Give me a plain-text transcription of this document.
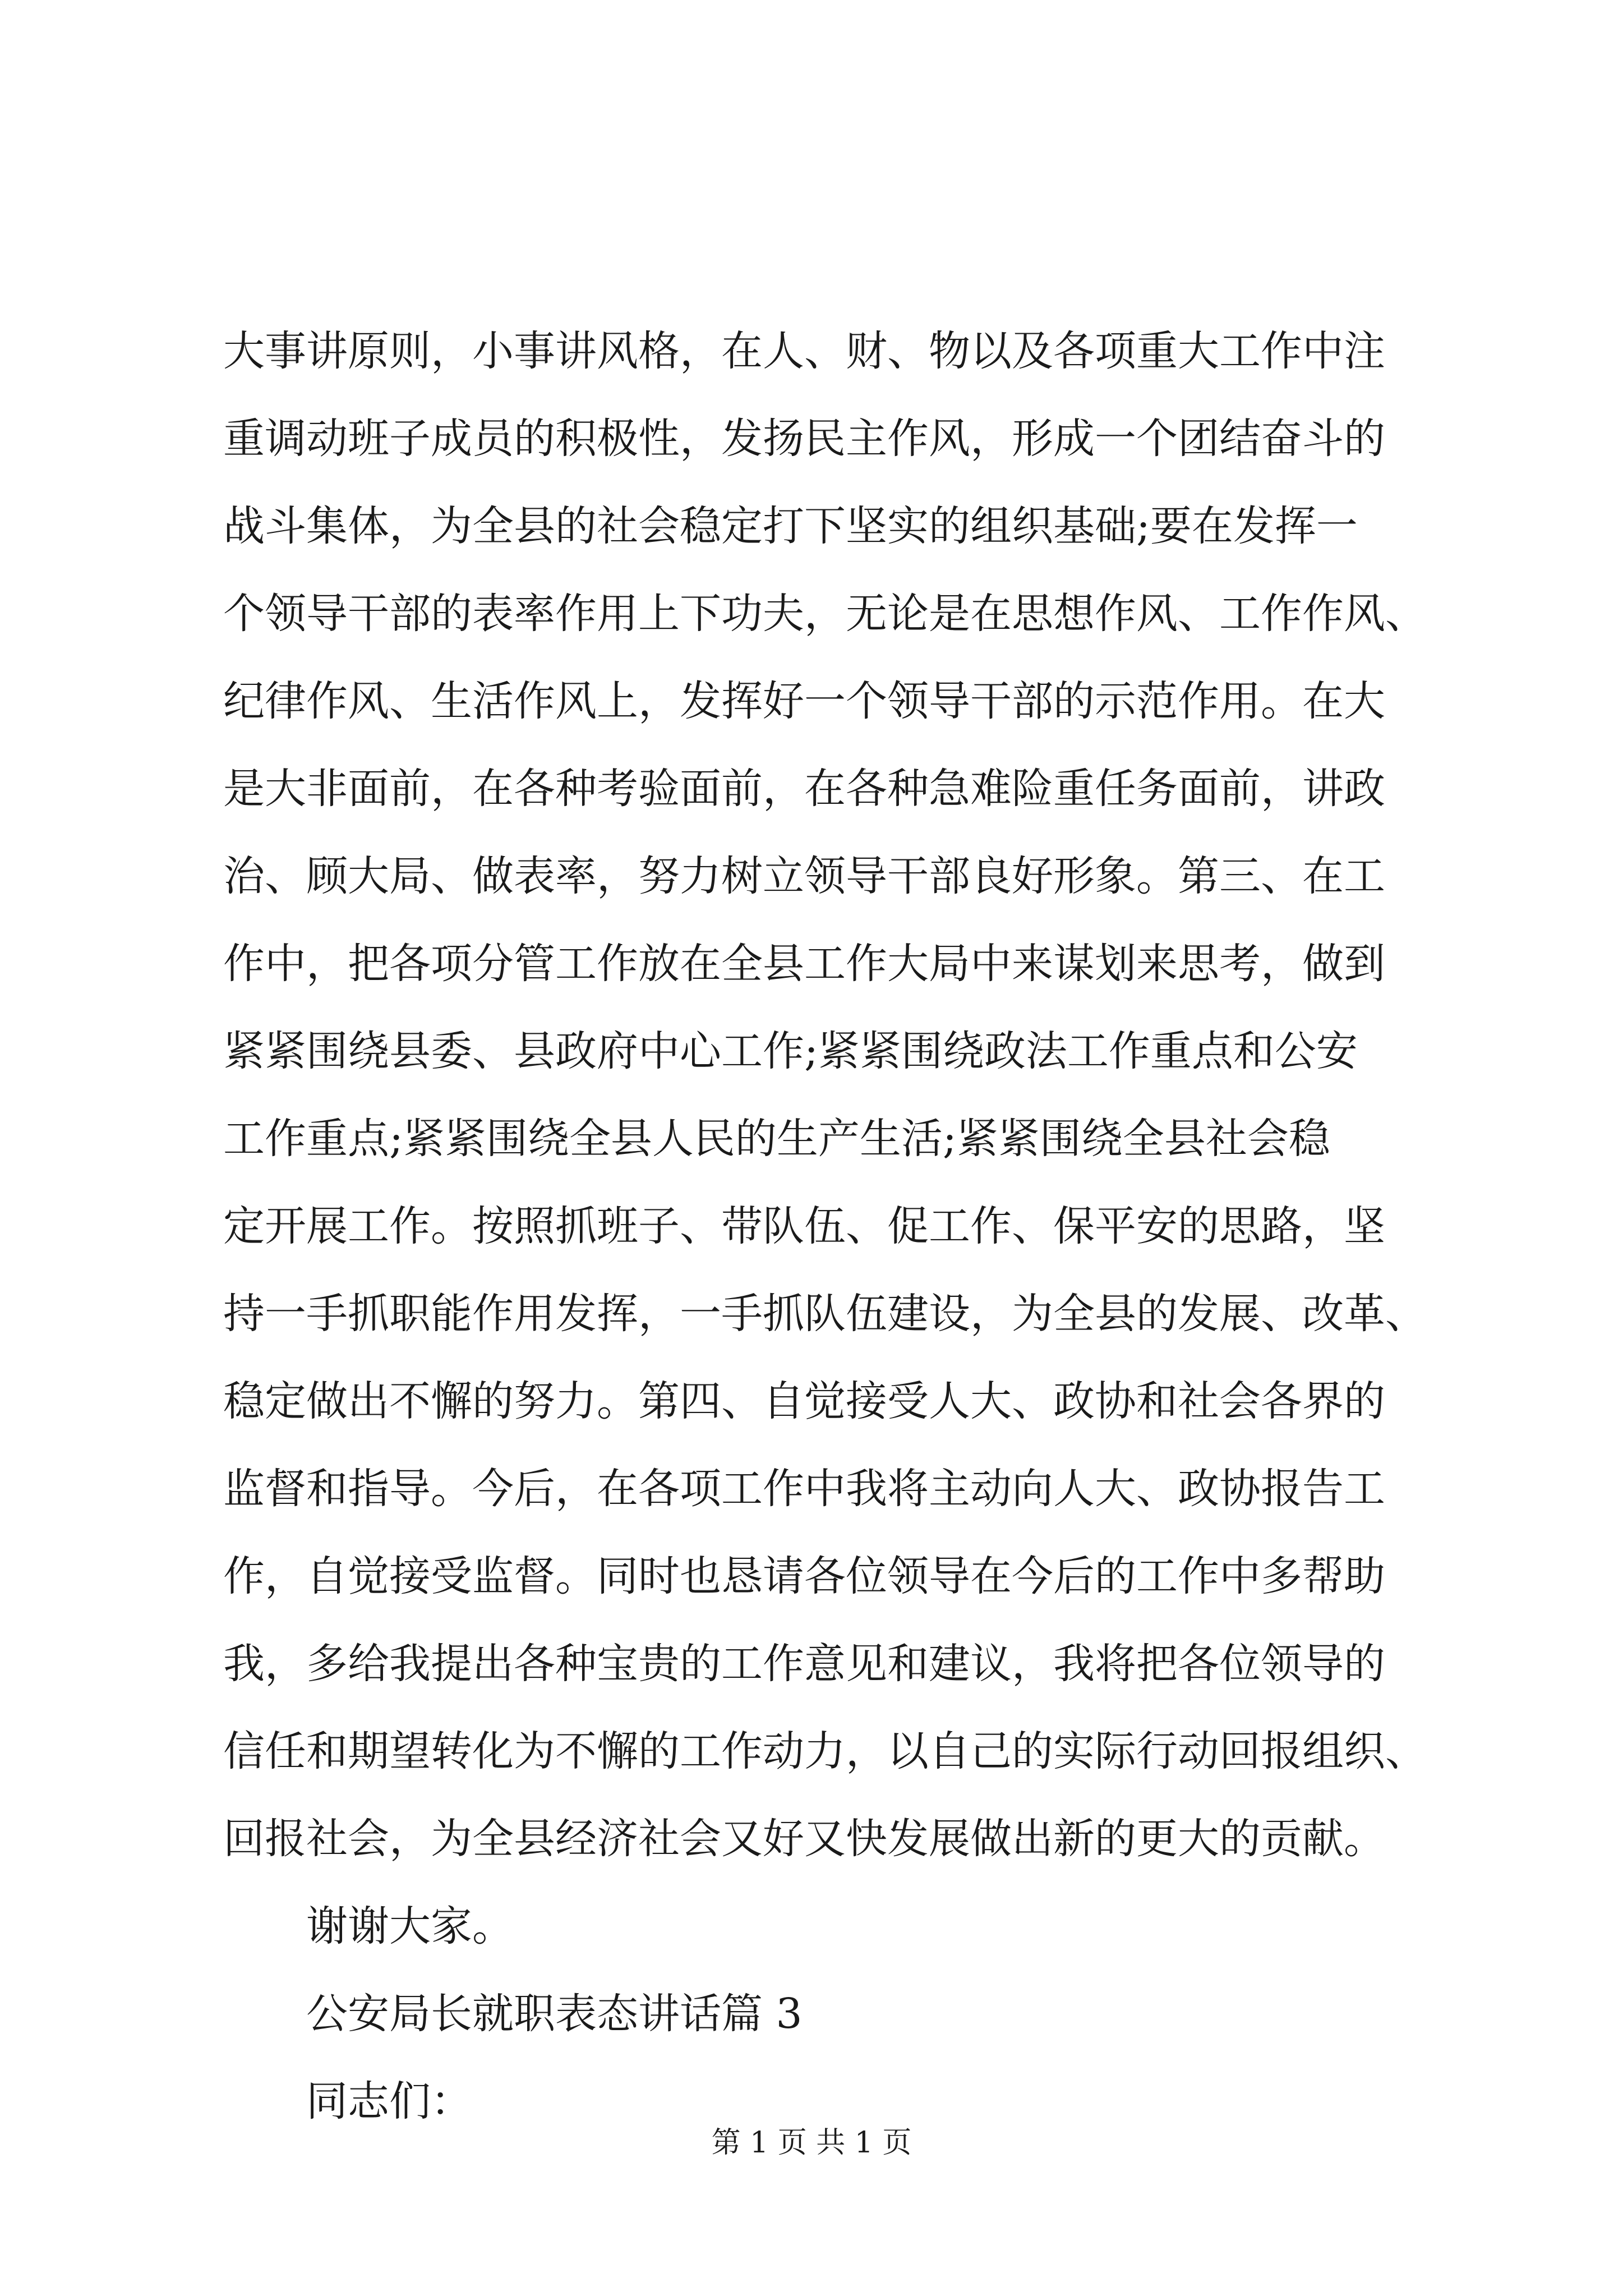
大事讲原则，小事讲风格，在人、财、物以及各项重大工作中注
重调动班子成员的积极性，发扬民主作风，形成一个团结奋斗的
战斗集体，为全县的社会稳定打下坚实的组织基础;要在发挥一
个领导干部的表率作用上下功夫，无论是在思想作风、工作作风、
纪律作风、生活作风上，发挥好一个领导干部的示范作用。在大
是大非面前，在各种考验面前，在各种急难险重任务面前，讲政
治、顾大局、做表率，努力树立领导干部良好形象。第三、在工
作中，把各项分管工作放在全县工作大局中来谋划来思考，做到
紧紧围绕县委、县政府中心工作;紧紧围绕政法工作重点和公安
工作重点;紧紧围绕全县人民的生产生活;紧紧围绕全县社会稳
定开展工作。按照抓班子、带队伍、促工作、保平安的思路，坚
持一手抓职能作用发挥，一手抓队伍建设，为全县的发展、改革、
稳定做出不懈的努力。第四、自觉接受人大、政协和社会各界的
监督和指导。今后，在各项工作中我将主动向人大、政协报告工
作，自觉接受监督。同时也恳请各位领导在今后的工作中多帮助
我，多给我提出各种宝贵的工作意见和建议，我将把各位领导的
信任和期望转化为不懈的工作动力，以自己的实际行动回报组织、
回报社会，为全县经济社会又好又快发展做出新的更大的贡献。
谢谢大家。
公安局长就职表态讲话篇 3
同志们：
第 1 页 共 1 页
